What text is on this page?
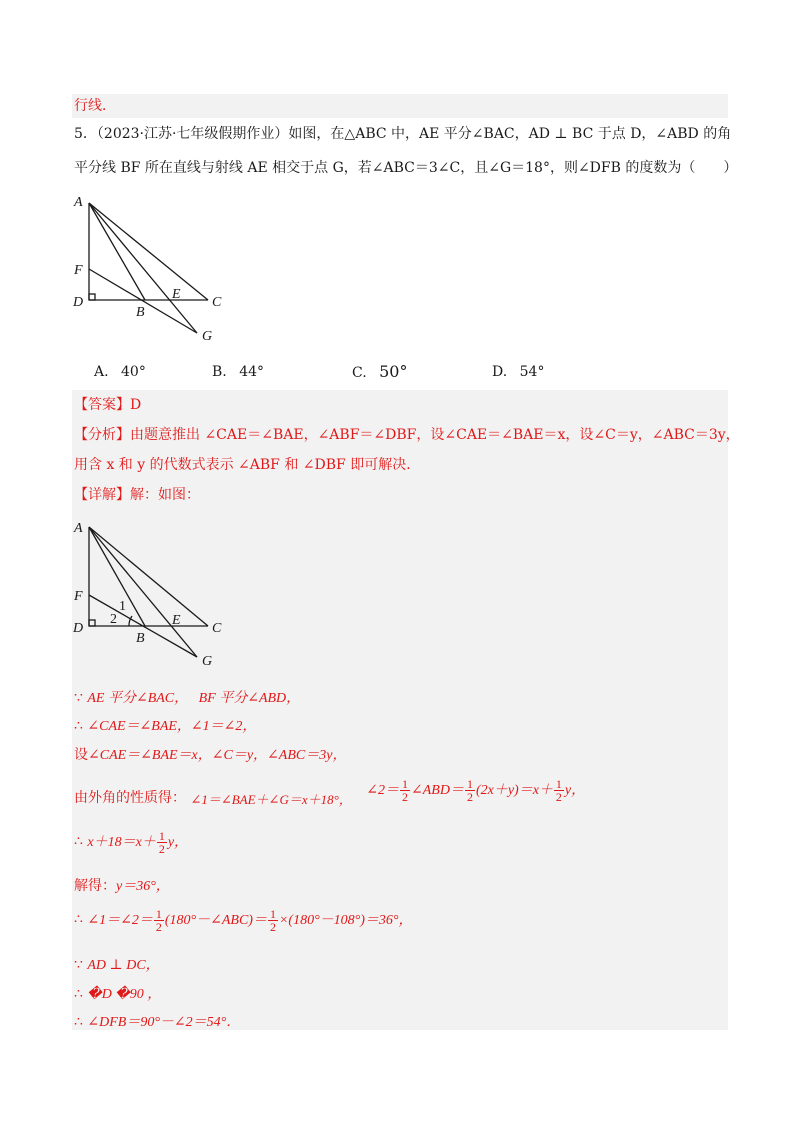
行线．
5．（2023·江苏·七年级假期作业）如图，在△ABC 中，AE 平分∠BAC，AD ⊥ BC 于点 D，∠ABD 的角
平分线 BF 所在直线与射线 AE 相交于点 G，若∠ABC＝3∠C，且∠G＝18°，则∠DFB 的度数为（　　）
A
F
D
B
E
C
G
A. 40°	B. 44°	C. 50°	D. 54°
【答案】D
【分析】由题意推出 ∠CAE＝∠BAE，∠ABF＝∠DBF，设∠CAE＝∠BAE＝x，设∠C＝y，∠ABC＝3y，
用含 x 和 y 的代数式表示 ∠ABF 和 ∠DBF 即可解决．
【详解】解：如图：
A
F
D
B
E
C
G
1
2
∵ AE 平分∠BAC， BF 平分∠ABD，
∴ ∠CAE＝∠BAE，∠1＝∠2，
设∠CAE＝∠BAE＝x，∠C＝y，∠ABC＝3y，
由外角的性质得： ∠1＝∠BAE＋∠G＝x＋18°， ∠2＝ $\frac{1}{2}$ ∠ABD＝ $\frac{1}{2} (2x+y)=x+ \frac{1}{2}$ y，
∴ $x+18=x+ \frac{1}{2}$ y，
解得：y＝36°，
∴ ∠1＝∠2＝ $\frac{1}{2}$ (180°－∠ABC)＝ $\frac{1}{2} \times(180^\circ-108^\circ)=36^\circ$，
∵ AD ⊥ DC，
∴ �D �90 ，
∴ ∠DFB＝90°－∠2＝54°．
